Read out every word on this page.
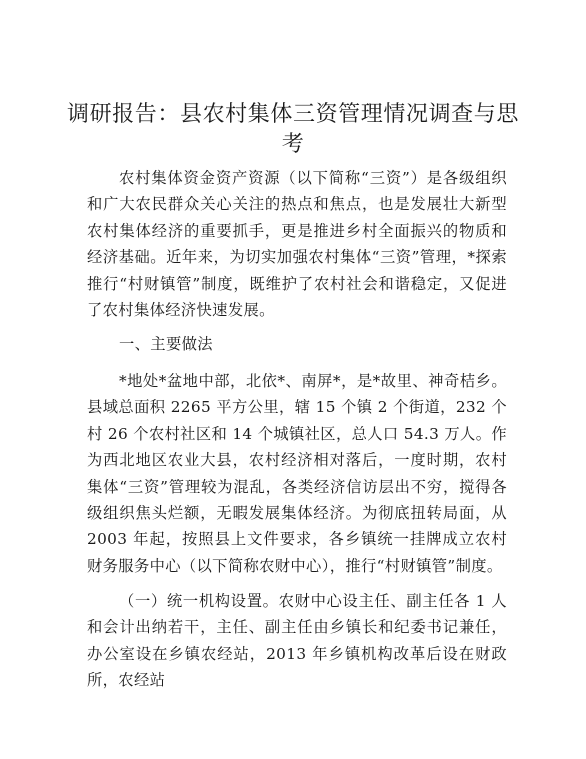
调研报告：县农村集体三资管理情况调查与思考

农村集体资金资产资源（以下简称“三资”）是各级组织和广大农民群众关心关注的热点和焦点，也是发展壮大新型农村集体经济的重要抓手，更是推进乡村全面振兴的物质和经济基础。近年来，为切实加强农村集体“三资”管理，*探索推行“村财镇管”制度，既维护了农村社会和谐稳定，又促进了农村集体经济快速发展。

一、主要做法

*地处*盆地中部，北依*、南屏*，是*故里、神奇桔乡。县域总面积 2265 平方公里，辖 15 个镇 2 个街道，232 个村 26 个农村社区和 14 个城镇社区，总人口 54.3 万人。作为西北地区农业大县，农村经济相对落后，一度时期，农村集体“三资”管理较为混乱，各类经济信访层出不穷，搅得各级组织焦头烂额，无暇发展集体经济。为彻底扭转局面，从 2003 年起，按照县上文件要求，各乡镇统一挂牌成立农村财务服务中心（以下简称农财中心），推行“村财镇管”制度。

（一）统一机构设置。农财中心设主任、副主任各 1 人和会计出纳若干，主任、副主任由乡镇长和纪委书记兼任，办公室设在乡镇农经站，2013 年乡镇机构改革后设在财政所，农经站
